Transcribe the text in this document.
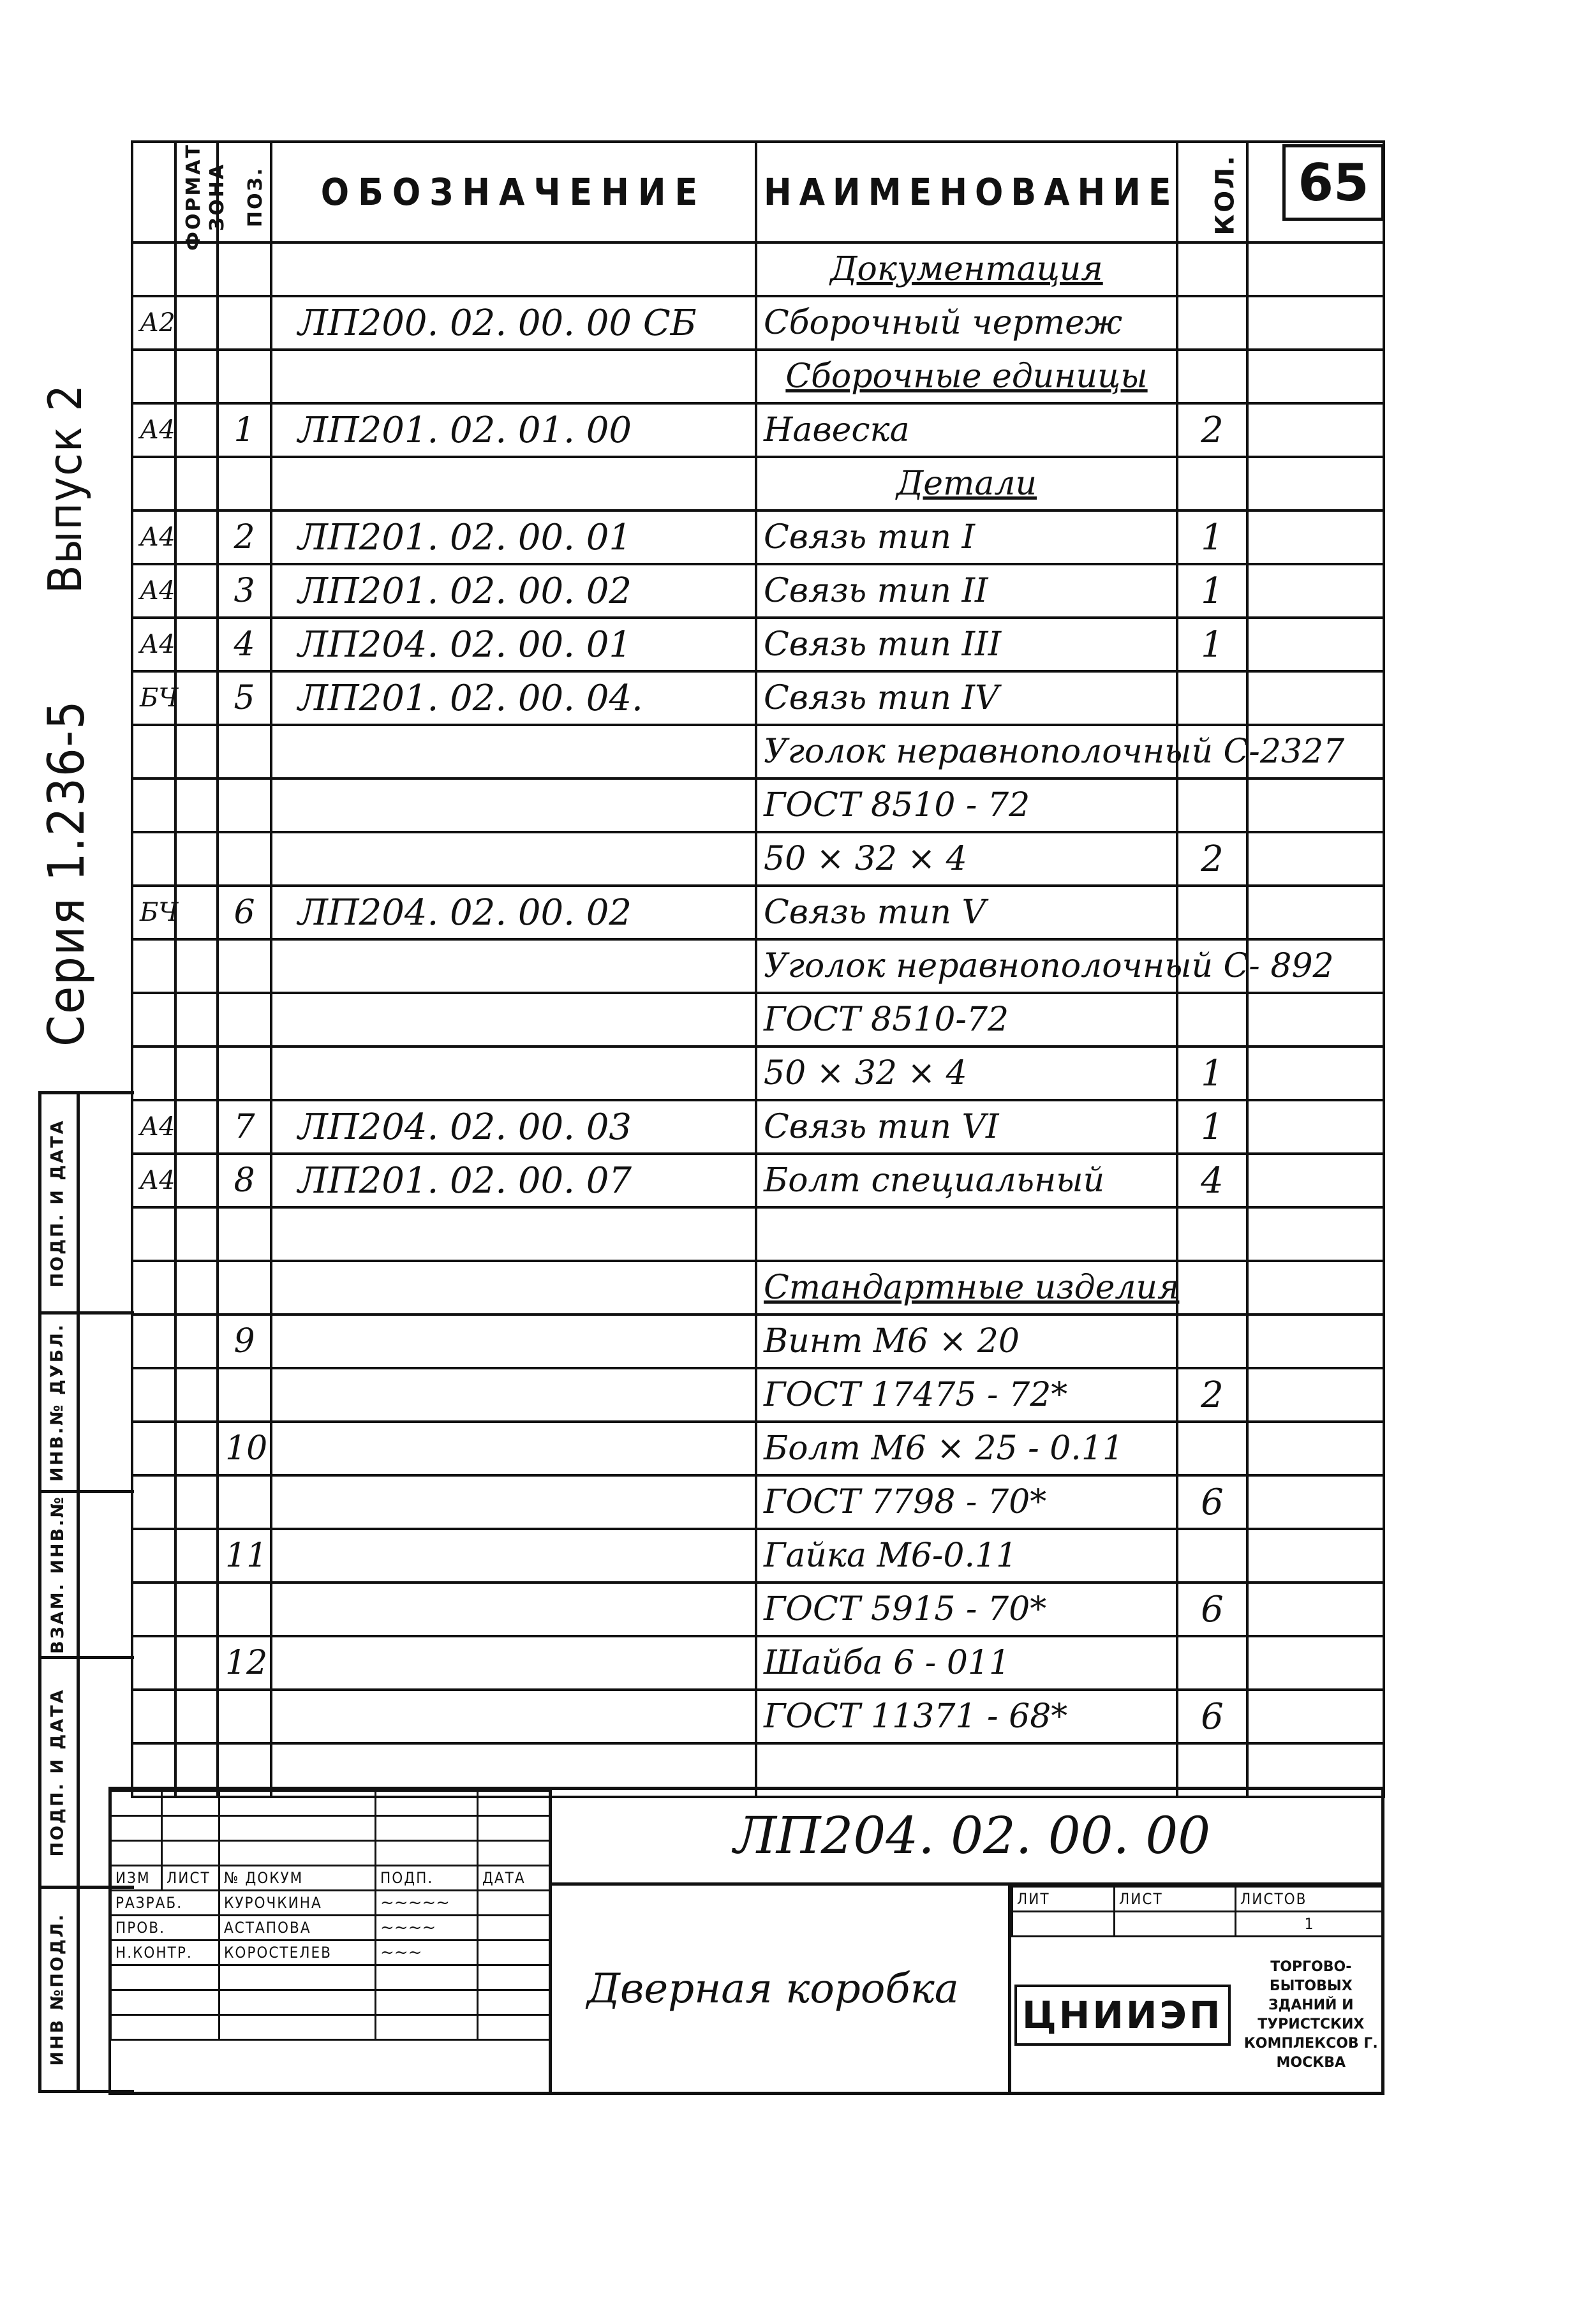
65
Серия 1.236-5
Выпуск 2
ПОДП. И ДАТА
ИНВ.№ ДУБЛ.
ВЗАМ. ИНВ.№
ПОДП. И ДАТА
ИНВ №ПОДЛ.
ФОРМАТ	ЗОНА	ПОЗ.	ОБОЗНАЧЕНИЕ	НАИМЕНОВАНИЕ	КОЛ.	
				Документация		
А2			ЛП200. 02. 00. 00 СБ	Сборочный чертеж		
				Сборочные единицы		
А4		1	ЛП201. 02. 01. 00	Навеска	2	
				Детали		
А4		2	ЛП201. 02. 00. 01	Связь тип I	1	
А4		3	ЛП201. 02. 00. 02	Связь тип II	1	
А4		4	ЛП204. 02. 00. 01	Связь тип III	1	
БЧ		5	ЛП201. 02. 00. 04.	Связь тип IV		
				Уголок неравнополочный С-2327		
				ГОСТ 8510 - 72		
				50 × 32 × 4	2	
БЧ		6	ЛП204. 02. 00. 02	Связь тип V		
				Уголок неравнополочный С- 892		
				ГОСТ 8510-72		
				50 × 32 × 4	1	
А4		7	ЛП204. 02. 00. 03	Связь тип VI	1	
А4		8	ЛП201. 02. 00. 07	Болт специальный	4	

				Стандартные изделия		
		9		Винт М6 × 20		
				ГОСТ 17475 - 72*	2	
		10		Болт М6 × 25 - 0.11		
				ГОСТ 7798 - 70*	6	
		11		Гайка М6-0.11		
				ГОСТ 5915 - 70*	6	
		12		Шайба 6 - 011		
				ГОСТ 11371 - 68*	6	

ЛП204. 02. 00. 00
Дверная коробка

ИЗМ	ЛИСТ	№ ДОКУМ	ПОДП.	ДАТА
РАЗРАБ.		КУРОЧКИНА	~~~~~	
ПРОВ.		АСТАПОВА	~~~~	
Н.КОНТР.		КОРОСТЕЛЕВ	~~~	

ЛИТ	ЛИСТ	ЛИСТОВ
		1
ЦНИИЭП
ТОРГОВО-БЫТОВЫХ ЗДАНИЙ И ТУРИСТСКИХ КОМПЛЕКСОВ Г. МОСКВА
